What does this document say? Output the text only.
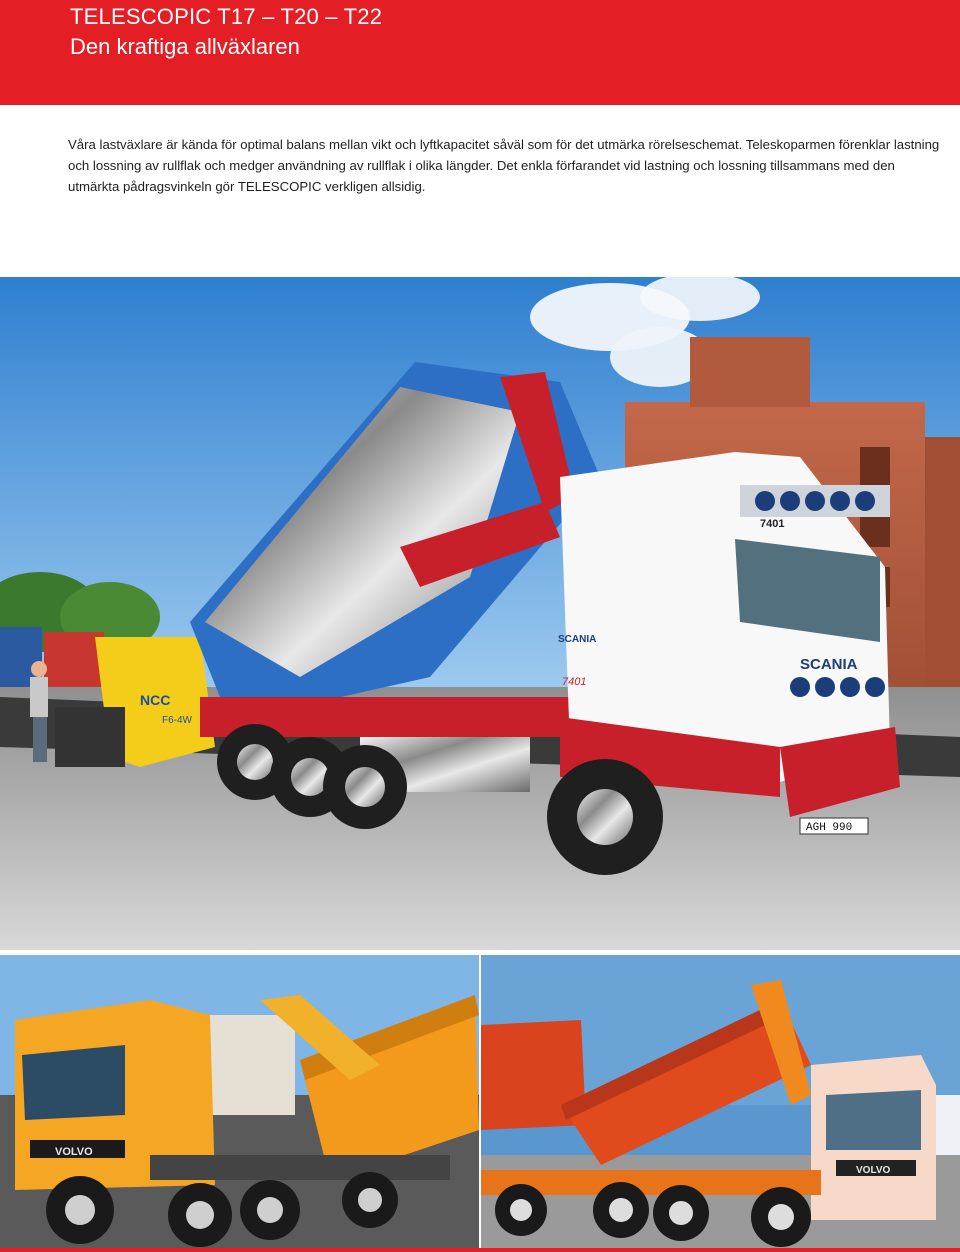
TELESCOPIC T17 – T20 – T22
Den kraftiga allväxlaren

Våra lastväxlare är kända för optimal balans mellan vikt och lyftkapacitet såväl som för det utmärka rörelseschemat. Teleskoparmen förenklar lastning och lossning av rullflak och medger användning av rullflak i olika längder. Det enkla förfarandet vid lastning och lossning tillsammans med den utmärkta pådragsvinkeln gör TELESCOPIC verkligen allsidig.

NCC
F6-4W
7401
SCANIA
SCANIA
7401
AGH 990
VOLVO
VOLVO
